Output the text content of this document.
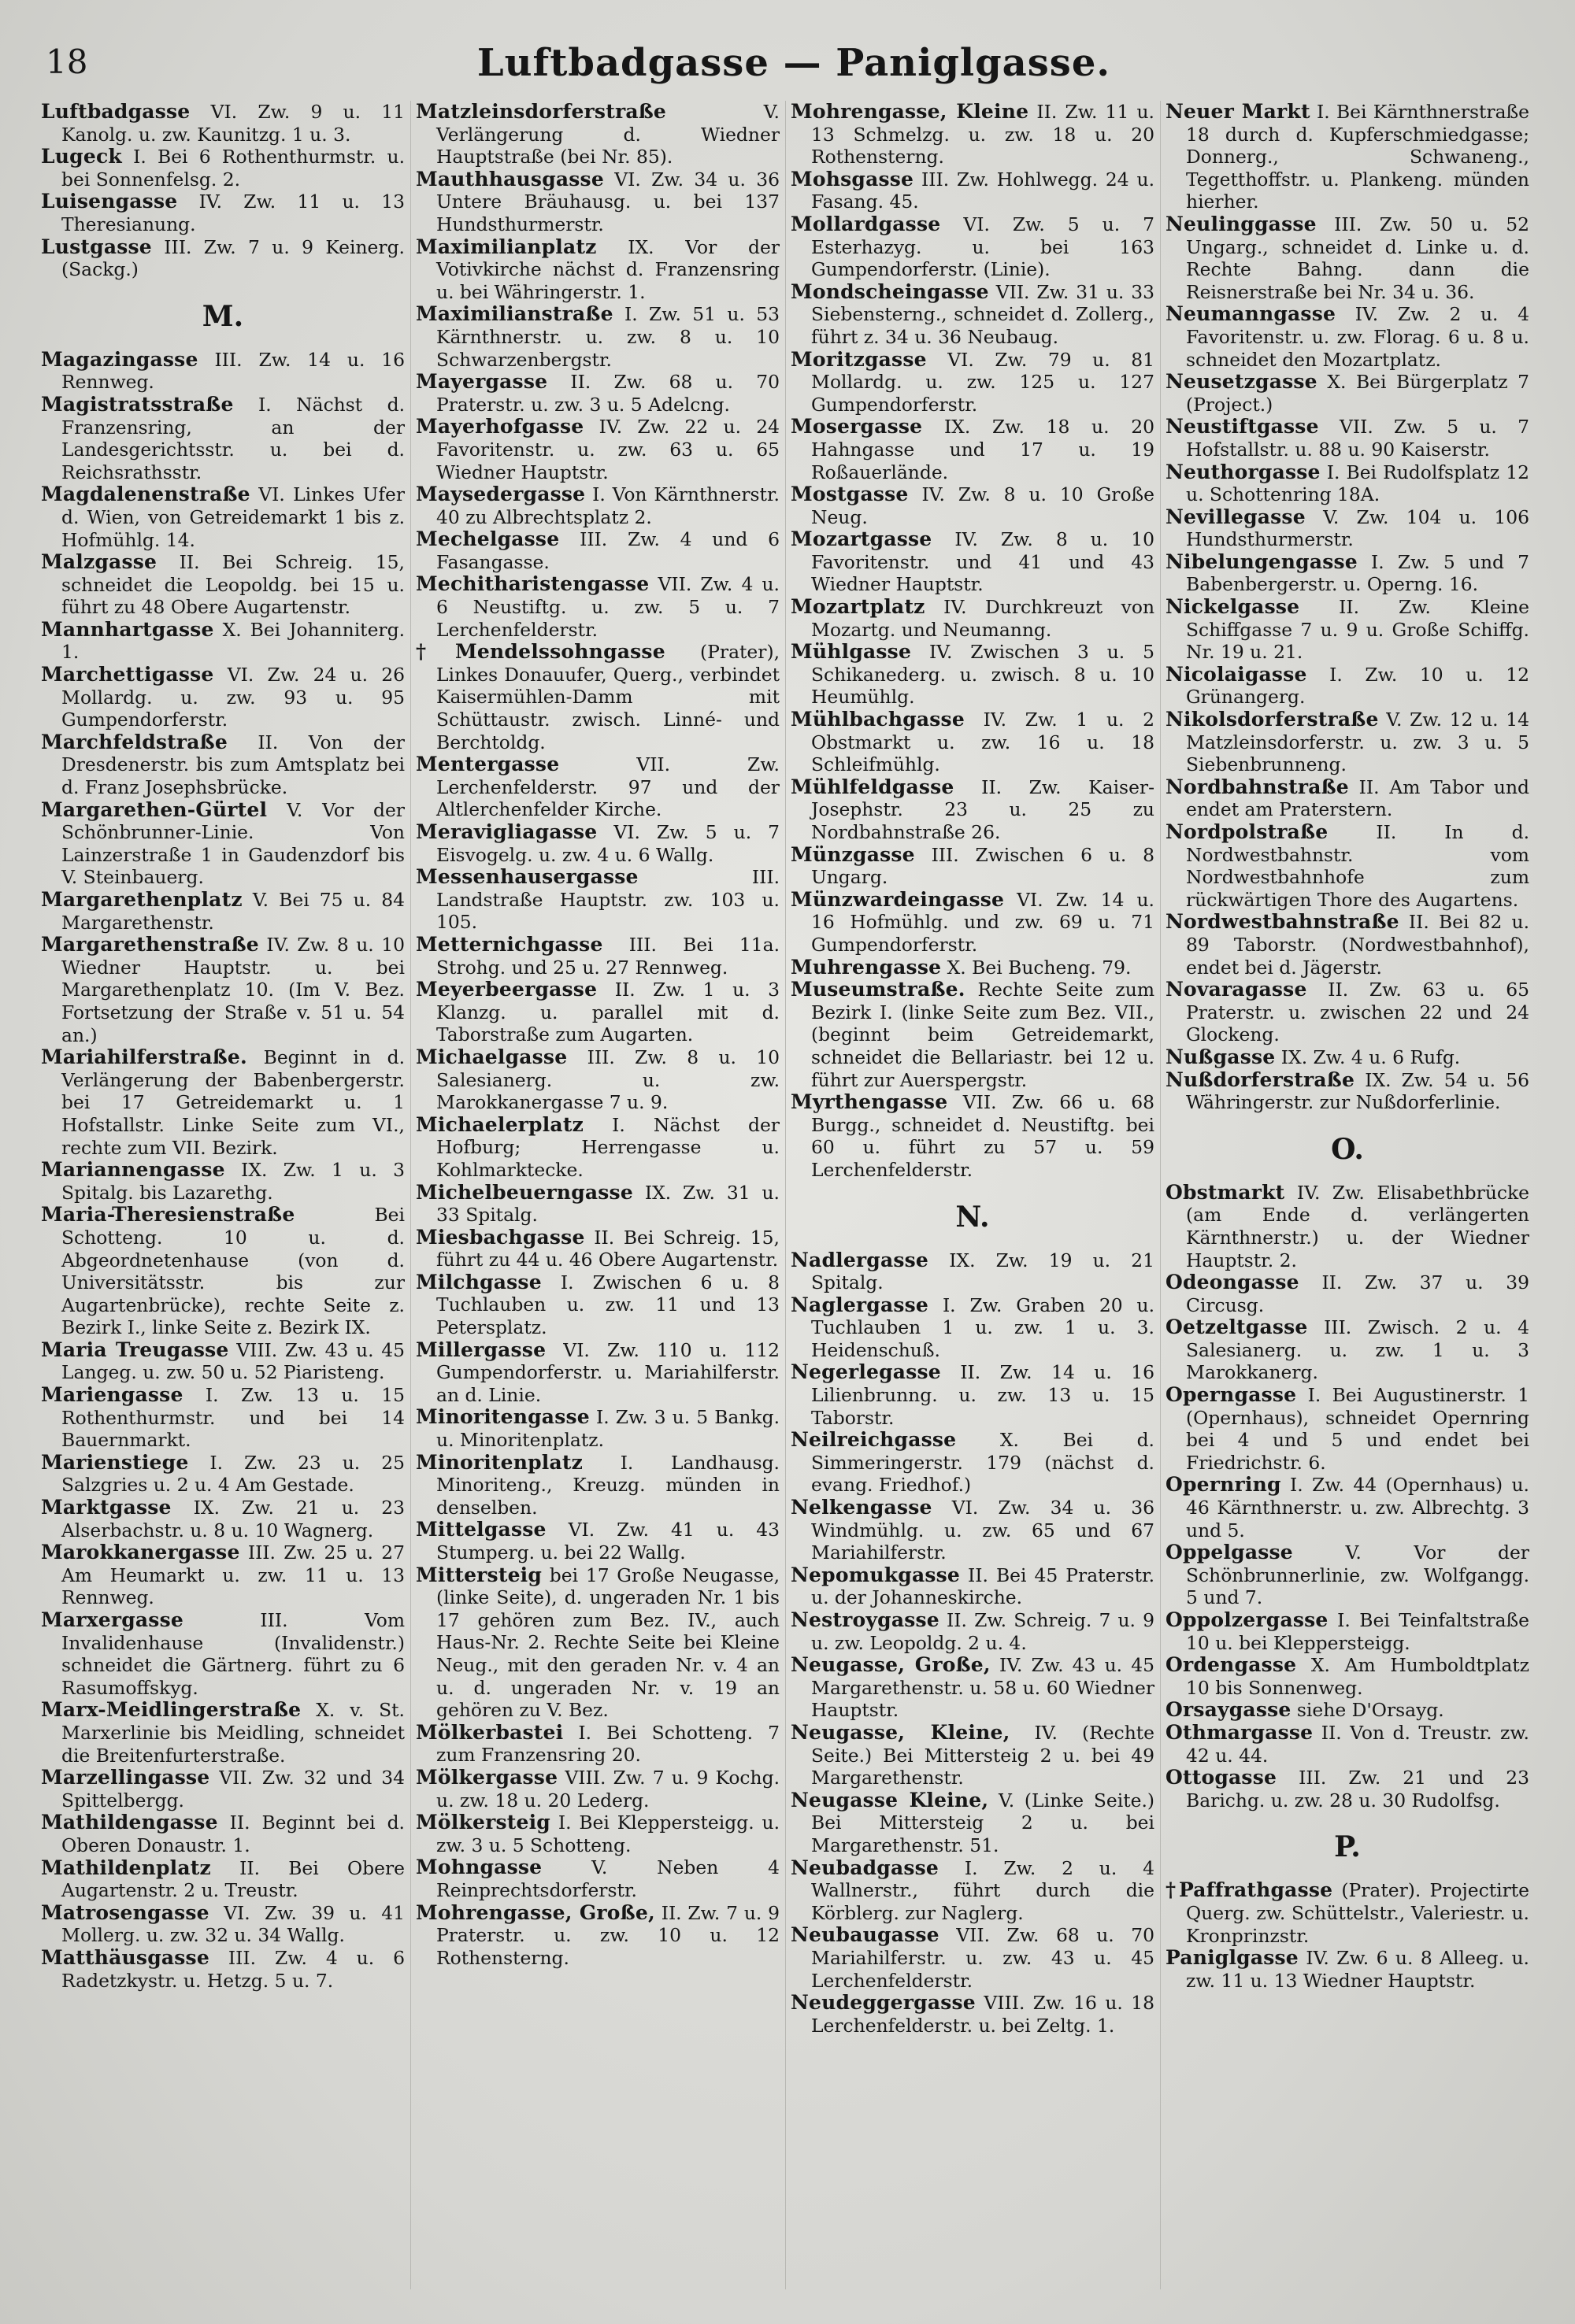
18	Luftbadgasse — Paniglgasse.
Luftbadgasse VI. Zw. 9 u. 11 Kanolg. u. zw. Kaunitzg. 1 u. 3.
Lugeck I. Bei 6 Rothenthurmstr. u. bei Sonnenfelsg. 2.
Luisengasse IV. Zw. 11 u. 13 Theresianung.
Lustgasse III. Zw. 7 u. 9 Keinerg. (Sackg.)
M.
Magazingasse III. Zw. 14 u. 16 Rennweg.
Magistratsstraße I. Nächst d. Franzensring, an der Landesgerichtsstr. u. bei d. Reichsrathsstr.
Magdalenenstraße VI. Linkes Ufer d. Wien, von Getreidemarkt 1 bis z. Hofmühlg. 14.
Malzgasse II. Bei Schreig. 15, schneidet die Leopoldg. bei 15 u. führt zu 48 Obere Augartenstr.
Mannhartgasse X. Bei Johanniterg. 1.
Marchettigasse VI. Zw. 24 u. 26 Mollardg. u. zw. 93 u. 95 Gumpendorferstr.
Marchfeldstraße II. Von der Dresdenerstr. bis zum Amtsplatz bei d. Franz Josephsbrücke.
Margarethen-Gürtel V. Vor der Schönbrunner-Linie. Von Lainzerstraße 1 in Gaudenzdorf bis V. Steinbauerg.
Margarethenplatz V. Bei 75 u. 84 Margarethenstr.
Margarethenstraße IV. Zw. 8 u. 10 Wiedner Hauptstr. u. bei Margarethenplatz 10. (Im V. Bez. Fortsetzung der Straße v. 51 u. 54 an.)
Mariahilferstraße. Beginnt in d. Verlängerung der Babenbergerstr. bei 17 Getreidemarkt u. 1 Hofstallstr. Linke Seite zum VI., rechte zum VII. Bezirk.
Mariannengasse IX. Zw. 1 u. 3 Spitalg. bis Lazarethg.
Maria-Theresienstraße	Bei Schotteng. 10 u. d. Abgeordnetenhause (von d. Universitätsstr. bis zur Augartenbrücke), rechte Seite z. Bezirk I., linke Seite z. Bezirk IX.
Maria Treugasse VIII. Zw. 43 u. 45 Langeg. u. zw. 50 u. 52 Piaristeng.
Mariengasse I. Zw. 13 u. 15 Rothenthurmstr. und bei 14 Bauernmarkt.
Marienstiege I. Zw. 23 u. 25 Salzgries u. 2 u. 4 Am Gestade.
Marktgasse IX. Zw. 21 u. 23 Alserbachstr. u. 8 u. 10 Wagnerg.
Marokkanergasse III. Zw. 25 u. 27 Am Heumarkt u. zw. 11 u. 13 Rennweg.
Marxergasse	III. Vom Invalidenhause (Invalidenstr.) schneidet die Gärtnerg. führt zu 6 Rasumoffskyg.
Marx-Meidlingerstraße X. v. St. Marxerlinie bis Meidling, schneidet die Breitenfurterstraße.
Marzellingasse VII. Zw. 32 und 34 Spittelbergg.
Mathildengasse II. Beginnt bei d. Oberen Donaustr. 1.
Mathildenplatz II. Bei Obere Augartenstr. 2 u. Treustr.
Matrosengasse VI. Zw. 39 u. 41 Mollerg. u. zw. 32 u. 34 Wallg.
Matthäusgasse III. Zw. 4 u. 6 Radetzkystr. u. Hetzg. 5 u. 7.
Matzleinsdorferstraße	V. Verlängerung d. Wiedner Hauptstraße (bei Nr. 85).
Mauthhausgasse VI. Zw. 34 u. 36 Untere Bräuhausg. u. bei 137 Hundsthurmerstr.
Maximilianplatz IX. Vor der Votivkirche nächst d. Franzensring u. bei Währingerstr. 1.
Maximilianstraße I. Zw. 51 u. 53 Kärnthnerstr. u. zw. 8 u. 10 Schwarzenbergstr.
Mayergasse II. Zw. 68 u. 70 Praterstr. u. zw. 3 u. 5 Adelcng.
Mayerhofgasse IV. Zw. 22 u. 24 Favoritenstr. u. zw. 63 u. 65 Wiedner Hauptstr.
Maysedergasse I. Von Kärnthnerstr. 40 zu Albrechtsplatz 2.
Mechelgasse III. Zw. 4 und 6 Fasangasse.
Mechitharistengasse VII. Zw. 4 u. 6 Neustiftg. u. zw. 5 u. 7 Lerchenfelderstr.
†Mendelssohngasse (Prater), Linkes Donauufer, Querg., verbindet Kaisermühlen-Damm mit Schüttaustr. zwisch. Linné- und Berchtoldg.
Mentergasse	VII. Zw. Lerchenfelderstr. 97 und der Altlerchenfelder Kirche.
Meravigliagasse VI. Zw. 5 u. 7 Eisvogelg. u. zw. 4 u. 6 Wallg.
Messenhausergasse	III. Landstraße Hauptstr. zw. 103 u. 105.
Metternichgasse III. Bei 11a. Strohg. und 25 u. 27 Rennweg.
Meyerbeergasse II. Zw. 1 u. 3 Klanzg. u. parallel mit d. Taborstraße zum Augarten.
Michaelgasse III. Zw. 8 u. 10 Salesianerg. u. zw. Marokkanergasse 7 u. 9.
Michaelerplatz I. Nächst der Hofburg; Herrengasse u. Kohlmarktecke.
Michelbeuerngasse IX. Zw. 31 u. 33 Spitalg.
Miesbachgasse II. Bei Schreig. 15, führt zu 44 u. 46 Obere Augartenstr.
Milchgasse I. Zwischen 6 u. 8 Tuchlauben u. zw. 11 und 13 Petersplatz.
Millergasse VI. Zw. 110 u. 112 Gumpendorferstr. u. Mariahilferstr. an d. Linie.
Minoritengasse I. Zw. 3 u. 5 Bankg. u. Minoritenplatz.
Minoritenplatz I. Landhausg. Minoriteng., Kreuzg. münden in denselben.
Mittelgasse VI. Zw. 41 u. 43 Stumperg. u. bei 22 Wallg.
Mittersteig bei 17 Große Neugasse, (linke Seite), d. ungeraden Nr. 1 bis 17 gehören zum Bez. IV., auch Haus-Nr. 2. Rechte Seite bei Kleine Neug., mit den geraden Nr. v. 4 an u. d. ungeraden Nr. v. 19 an gehören zu V. Bez.
Mölkerbastei I. Bei Schotteng. 7 zum Franzensring 20.
Mölkergasse VIII. Zw. 7 u. 9 Kochg. u. zw. 18 u. 20 Lederg.
Mölkersteig I. Bei Kleppersteigg. u. zw. 3 u. 5 Schotteng.
Mohngasse	V. Neben 4 Reinprechtsdorferstr.
Mohrengasse, Große, II. Zw. 7 u. 9 Praterstr. u. zw. 10 u. 12 Rothensterng.
Mohrengasse, Kleine II. Zw. 11 u. 13 Schmelzg. u. zw. 18 u. 20 Rothensterng.
Mohsgasse III. Zw. Hohlwegg. 24 u. Fasang. 45.
Mollardgasse VI. Zw. 5 u. 7 Esterhazyg. u. bei 163 Gumpendorferstr. (Linie).
Mondscheingasse VII. Zw. 31 u. 33 Siebensterng., schneidet d. Zollerg., führt z. 34 u. 36 Neubaug.
Moritzgasse VI. Zw. 79 u. 81 Mollardg. u. zw. 125 u. 127 Gumpendorferstr.
Mosergasse IX. Zw. 18 u. 20 Hahngasse und 17 u. 19 Roßauerlände.
Mostgasse IV. Zw. 8 u. 10 Große Neug.
Mozartgasse IV. Zw. 8 u. 10 Favoritenstr. und 41 und 43 Wiedner Hauptstr.
Mozartplatz IV. Durchkreuzt von Mozartg. und Neumanng.
Mühlgasse IV. Zwischen 3 u. 5 Schikanederg. u. zwisch. 8 u. 10 Heumühlg.
Mühlbachgasse IV. Zw. 1 u. 2 Obstmarkt u. zw. 16 u. 18 Schleifmühlg.
Mühlfeldgasse II. Zw. Kaiser-Josephstr. 23 u. 25 zu Nordbahnstraße 26.
Münzgasse III. Zwischen 6 u. 8 Ungarg.
Münzwardeingasse VI. Zw. 14 u. 16 Hofmühlg. und zw. 69 u. 71 Gumpendorferstr.
Muhrengasse X. Bei Bucheng. 79.
Museumstraße. Rechte Seite zum Bezirk I. (linke Seite zum Bez. VII., (beginnt beim Getreidemarkt, schneidet die Bellariastr. bei 12 u. führt zur Auerspergstr.
Myrthengasse VII. Zw. 66 u. 68 Burgg., schneidet d. Neustiftg. bei 60 u. führt zu 57 u. 59 Lerchenfelderstr.
N.
Nadlergasse IX. Zw. 19 u. 21 Spitalg.
Naglergasse I. Zw. Graben 20 u. Tuchlauben 1 u. zw. 1 u. 3. Heidenschuß.
Negerlegasse II. Zw. 14 u. 16 Lilienbrunng. u. zw. 13 u. 15 Taborstr.
Neilreichgasse X. Bei d. Simmeringerstr. 179 (nächst d. evang. Friedhof.)
Nelkengasse VI. Zw. 34 u. 36 Windmühlg. u. zw. 65 und 67 Mariahilferstr.
Nepomukgasse II. Bei 45 Praterstr. u. der Johanneskirche.
Nestroygasse II. Zw. Schreig. 7 u. 9 u. zw. Leopoldg. 2 u. 4.
Neugasse, Große, IV. Zw. 43 u. 45 Margarethenstr. u. 58 u. 60 Wiedner Hauptstr.
Neugasse, Kleine, IV. (Rechte Seite.) Bei Mittersteig 2 u. bei 49 Margarethenstr.
Neugasse Kleine, V. (Linke Seite.) Bei Mittersteig 2 u. bei Margarethenstr. 51.
Neubadgasse I. Zw. 2 u. 4 Wallnerstr., führt durch die Körblerg. zur Naglerg.
Neubaugasse VII. Zw. 68 u. 70 Mariahilferstr. u. zw. 43 u. 45 Lerchenfelderstr.
Neudeggergasse VIII. Zw. 16 u. 18 Lerchenfelderstr. u. bei Zeltg. 1.
Neuer Markt I. Bei Kärnthnerstraße 18 durch d. Kupferschmiedgasse; Donnerg., Schwaneng., Tegetthoffstr. u. Plankeng. münden hierher.
Neulinggasse III. Zw. 50 u. 52 Ungarg., schneidet d. Linke u. d. Rechte Bahng. dann die Reisnerstraße bei Nr. 34 u. 36.
Neumanngasse IV. Zw. 2 u. 4 Favoritenstr. u. zw. Florag. 6 u. 8 u. schneidet den Mozartplatz.
Neusetzgasse X. Bei Bürgerplatz 7 (Project.)
Neustiftgasse VII. Zw. 5 u. 7 Hofstallstr. u. 88 u. 90 Kaiserstr.
Neuthorgasse I. Bei Rudolfsplatz 12 u. Schottenring 18A.
Nevillegasse V. Zw. 104 u. 106 Hundsthurmerstr.
Nibelungengasse I. Zw. 5 und 7 Babenbergerstr. u. Operng. 16.
Nickelgasse II. Zw. Kleine Schiffgasse 7 u. 9 u. Große Schiffg. Nr. 19 u. 21.
Nicolaigasse I. Zw. 10 u. 12 Grünangerg.
Nikolsdorferstraße V. Zw. 12 u. 14 Matzleinsdorferstr. u. zw. 3 u. 5 Siebenbrunneng.
Nordbahnstraße II. Am Tabor und endet am Praterstern.
Nordpolstraße	II. In d. Nordwestbahnstr. vom Nordwestbahnhofe zum rückwärtigen Thore des Augartens.
Nordwestbahnstraße II. Bei 82 u. 89 Taborstr. (Nordwestbahnhof), endet bei d. Jägerstr.
Novaragasse II. Zw. 63 u. 65 Praterstr. u. zwischen 22 und 24 Glockeng.
Nußgasse IX. Zw. 4 u. 6 Rufg.
Nußdorferstraße IX. Zw. 54 u. 56 Währingerstr. zur Nußdorferlinie.
O.
Obstmarkt IV. Zw. Elisabethbrücke (am Ende d. verlängerten Kärnthnerstr.) u. der Wiedner Hauptstr. 2.
Odeongasse II. Zw. 37 u. 39 Circusg.
Oetzeltgasse III. Zwisch. 2 u. 4 Salesianerg. u. zw. 1 u. 3 Marokkanerg.
Operngasse I. Bei Augustinerstr. 1 (Opernhaus), schneidet Opernring bei 4 und 5 und endet bei Friedrichstr. 6.
Opernring I. Zw. 44 (Opernhaus) u. 46 Kärnthnerstr. u. zw. Albrechtg. 3 und 5.
Oppelgasse	V. Vor der Schönbrunnerlinie, zw. Wolfgangg. 5 und 7.
Oppolzergasse I. Bei Teinfaltstraße 10 u. bei Kleppersteigg.
Ordengasse X. Am Humboldtplatz 10 bis Sonnenweg.
Orsaygasse siehe D'Orsayg.
Othmargasse II. Von d. Treustr. zw. 42 u. 44.
Ottogasse III. Zw. 21 und 23 Barichg. u. zw. 28 u. 30 Rudolfsg.
P.
†Paffrathgasse (Prater). Projectirte Querg. zw. Schüttelstr., Valeriestr. u. Kronprinzstr.
Paniglgasse IV. Zw. 6 u. 8 Alleeg. u. zw. 11 u. 13 Wiedner Hauptstr.
